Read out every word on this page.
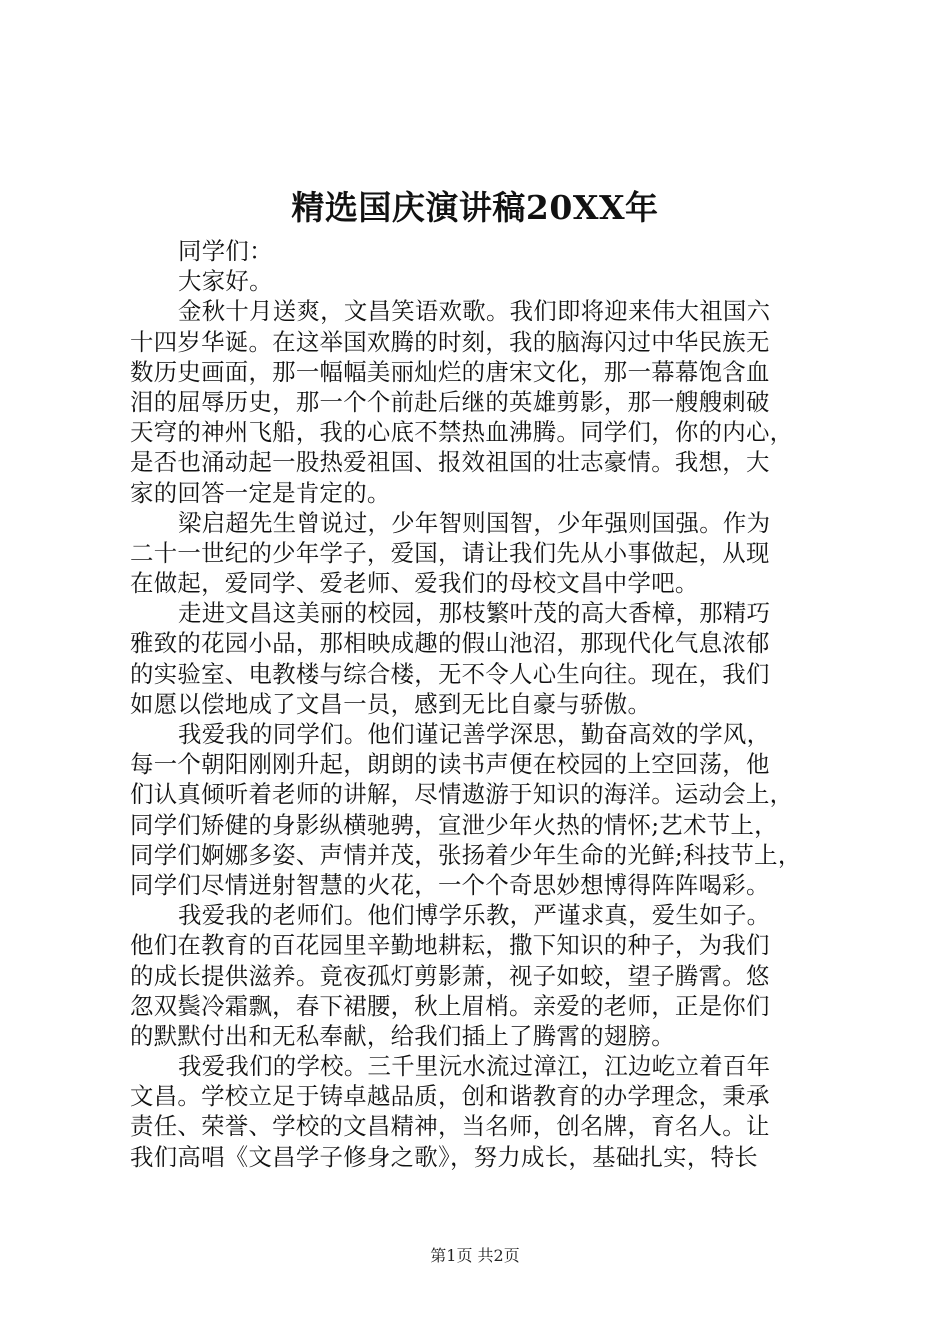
精选国庆演讲稿20XX年
同学们：
大家好。
金秋十月送爽，文昌笑语欢歌。我们即将迎来伟大祖国六
十四岁华诞。在这举国欢腾的时刻，我的脑海闪过中华民族无
数历史画面，那一幅幅美丽灿烂的唐宋文化，那一幕幕饱含血
泪的屈辱历史，那一个个前赴后继的英雄剪影，那一艘艘刺破
天穹的神州飞船，我的心底不禁热血沸腾。同学们，你的内心，
是否也涌动起一股热爱祖国、报效祖国的壮志豪情。我想，大
家的回答一定是肯定的。
梁启超先生曾说过，少年智则国智，少年强则国强。作为
二十一世纪的少年学子，爱国，请让我们先从小事做起，从现
在做起，爱同学、爱老师、爱我们的母校文昌中学吧。
走进文昌这美丽的校园，那枝繁叶茂的高大香樟，那精巧
雅致的花园小品，那相映成趣的假山池沼，那现代化气息浓郁
的实验室、电教楼与综合楼，无不令人心生向往。现在，我们
如愿以偿地成了文昌一员，感到无比自豪与骄傲。
我爱我的同学们。他们谨记善学深思，勤奋高效的学风，
每一个朝阳刚刚升起，朗朗的读书声便在校园的上空回荡，他
们认真倾听着老师的讲解，尽情遨游于知识的海洋。运动会上，
同学们矫健的身影纵横驰骋，宣泄少年火热的情怀;艺术节上，
同学们婀娜多姿、声情并茂，张扬着少年生命的光鲜;科技节上，
同学们尽情迸射智慧的火花，一个个奇思妙想博得阵阵喝彩。
我爱我的老师们。他们博学乐教，严谨求真，爱生如子。
他们在教育的百花园里辛勤地耕耘，撒下知识的种子，为我们
的成长提供滋养。竟夜孤灯剪影萧，视子如蛟，望子腾霄。悠
忽双鬓冷霜飘，春下裙腰，秋上眉梢。亲爱的老师，正是你们
的默默付出和无私奉献，给我们插上了腾霄的翅膀。
我爱我们的学校。三千里沅水流过漳江，江边屹立着百年
文昌。学校立足于铸卓越品质，创和谐教育的办学理念，秉承
责任、荣誉、学校的文昌精神，当名师，创名牌，育名人。让
我们高唱《文昌学子修身之歌》，努力成长，基础扎实，特长
第1页 共2页
